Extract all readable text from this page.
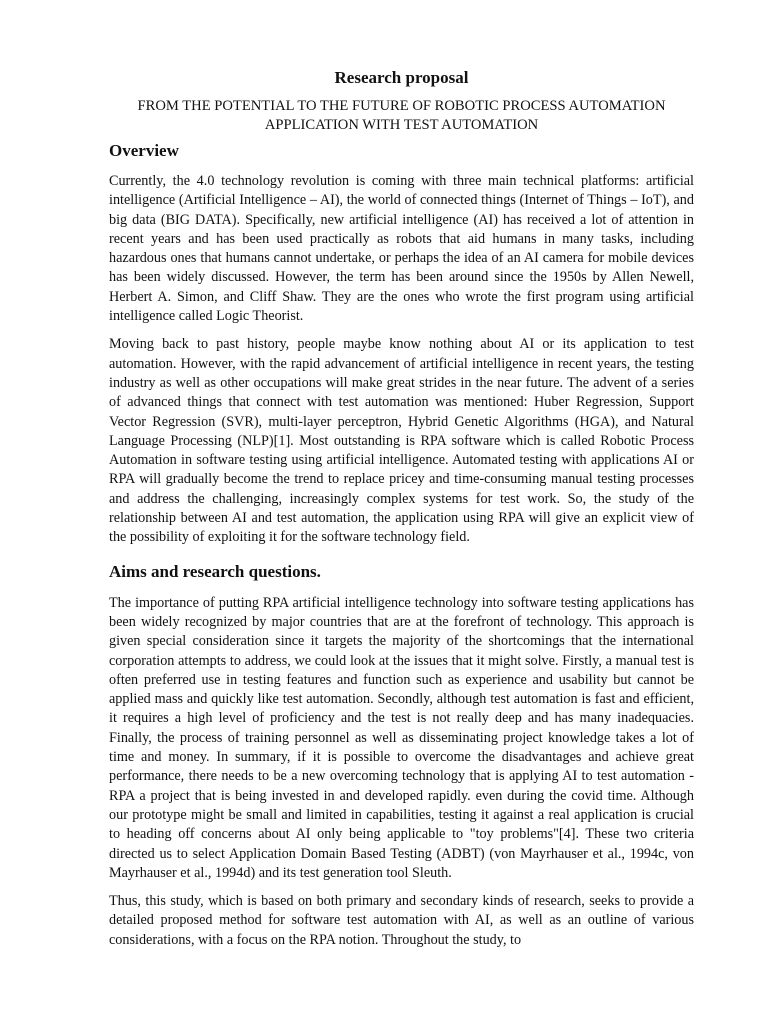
Research proposal
FROM THE POTENTIAL TO THE FUTURE OF ROBOTIC PROCESS AUTOMATION APPLICATION WITH TEST AUTOMATION
Overview

Currently, the 4.0 technology revolution is coming with three main technical platforms: artificial intelligence (Artificial Intelligence – AI), the world of connected things (Internet of Things – IoT), and big data (BIG DATA). Specifically, new artificial intelligence (AI) has received a lot of attention in recent years and has been used practically as robots that aid humans in many tasks, including hazardous ones that humans cannot undertake, or perhaps the idea of an AI camera for mobile devices has been widely discussed. However, the term has been around since the 1950s by Allen Newell, Herbert A. Simon, and Cliff Shaw. They are the ones who wrote the first program using artificial intelligence called Logic Theorist.

Moving back to past history, people maybe know nothing about AI or its application to test automation. However, with the rapid advancement of artificial intelligence in recent years, the testing industry as well as other occupations will make great strides in the near future. The advent of a series of advanced things that connect with test automation was mentioned: Huber Regression, Support Vector Regression (SVR), multi-layer perceptron, Hybrid Genetic Algorithms (HGA), and Natural Language Processing (NLP)[1]. Most outstanding is RPA software which is called Robotic Process Automation in software testing using artificial intelligence. Automated testing with applications AI or RPA will gradually become the trend to replace pricey and time-consuming manual testing processes and address the challenging, increasingly complex systems for test work. So, the study of the relationship between AI and test automation, the application using RPA will give an explicit view of the possibility of exploiting it for the software technology field.

Aims and research questions.

The importance of putting RPA artificial intelligence technology into software testing applications has been widely recognized by major countries that are at the forefront of technology. This approach is given special consideration since it targets the majority of the shortcomings that the international corporation attempts to address, we could look at the issues that it might solve. Firstly, a manual test is often preferred use in testing features and function such as experience and usability but cannot be applied mass and quickly like test automation. Secondly, although test automation is fast and efficient, it requires a high level of proficiency and the test is not really deep and has many inadequacies. Finally, the process of training personnel as well as disseminating project knowledge takes a lot of time and money. In summary, if it is possible to overcome the disadvantages and achieve great performance, there needs to be a new overcoming technology that is applying AI to test automation - RPA a project that is being invested in and developed rapidly. even during the covid time. Although our prototype might be small and limited in capabilities, testing it against a real application is crucial to heading off concerns about AI only being applicable to "toy problems"[4]. These two criteria directed us to select Application Domain Based Testing (ADBT) (von Mayrhauser et al., 1994c, von Mayrhauser et al., 1994d) and its test generation tool Sleuth.

Thus, this study, which is based on both primary and secondary kinds of research, seeks to provide a detailed proposed method for software test automation with AI, as well as an outline of various considerations, with a focus on the RPA notion. Throughout the study, to
